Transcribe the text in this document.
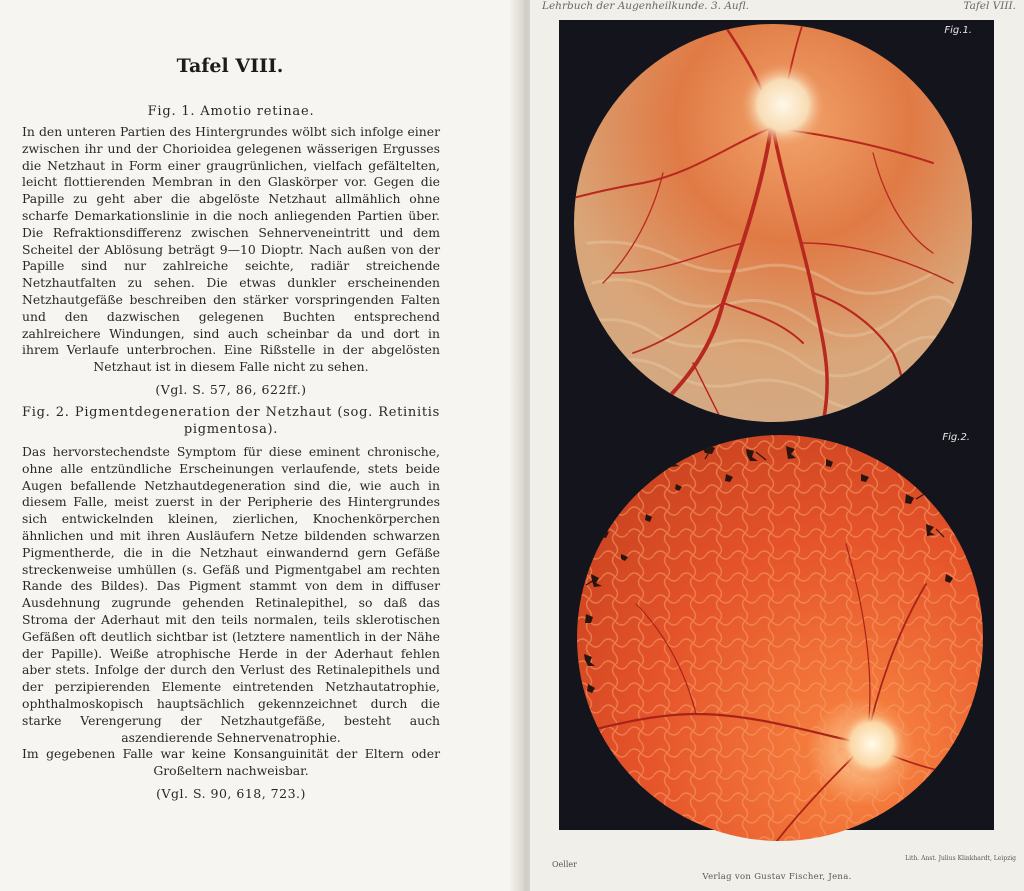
Tafel VIII.
Fig. 1. Amotio retinae.
In den unteren Partien des Hintergrundes wölbt sich infolge einer zwischen ihr und der Chorioidea gelegenen wässerigen Ergusses die Netzhaut in Form einer graugrünlichen, vielfach gefältelten, leicht flottierenden Membran in den Glaskörper vor. Gegen die Papille zu geht aber die abgelöste Netzhaut allmählich ohne scharfe Demarkationslinie in die noch anliegenden Partien über. Die Refraktionsdifferenz zwischen Sehnerveneintritt und dem Scheitel der Ablösung beträgt 9—10 Dioptr. Nach außen von der Papille sind nur zahlreiche seichte, radiär streichende Netzhautfalten zu sehen. Die etwas dunkler erscheinenden Netzhautgefäße beschreiben den stärker vorspringenden Falten und den dazwischen gelegenen Buchten entsprechend zahlreichere Windungen, sind auch scheinbar da und dort in ihrem Verlaufe unterbrochen. Eine Rißstelle in der abgelösten Netzhaut ist in diesem Falle nicht zu sehen.
(Vgl. S. 57, 86, 622ff.)
Fig. 2. Pigmentdegeneration der Netzhaut (sog. Retinitis pigmentosa).
Das hervorstechendste Symptom für diese eminent chronische, ohne alle entzündliche Erscheinungen verlaufende, stets beide Augen befallende Netzhautdegeneration sind die, wie auch in diesem Falle, meist zuerst in der Peripherie des Hintergrundes sich entwickelnden kleinen, zierlichen, Knochenkörperchen ähnlichen und mit ihren Ausläufern Netze bildenden schwarzen Pigmentherde, die in die Netzhaut einwandernd gern Gefäße streckenweise umhüllen (s. Gefäß und Pigmentgabel am rechten Rande des Bildes). Das Pigment stammt von dem in diffuser Ausdehnung zugrunde gehenden Retinalepithel, so daß das Stroma der Aderhaut mit den teils normalen, teils sklerotischen Gefäßen oft deutlich sichtbar ist (letztere namentlich in der Nähe der Papille). Weiße atrophische Herde in der Aderhaut fehlen aber stets. Infolge der durch den Verlust des Retinalepithels und der perzipierenden Elemente eintretenden Netzhautatrophie, ophthalmoskopisch hauptsächlich gekennzeichnet durch die starke Verengerung der Netzhautgefäße, besteht auch aszendierende Sehnervenatrophie.
Im gegebenen Falle war keine Konsanguinität der Eltern oder Großeltern nachweisbar.
(Vgl. S. 90, 618, 723.)
Lehrbuch der Augenheilkunde. 3. Aufl.	Tafel VIII.
Fig.1.
Fig.2.
Oeller
Lith. Anst. Julius Klinkhardt, Leipzig
Verlag von Gustav Fischer, Jena.
